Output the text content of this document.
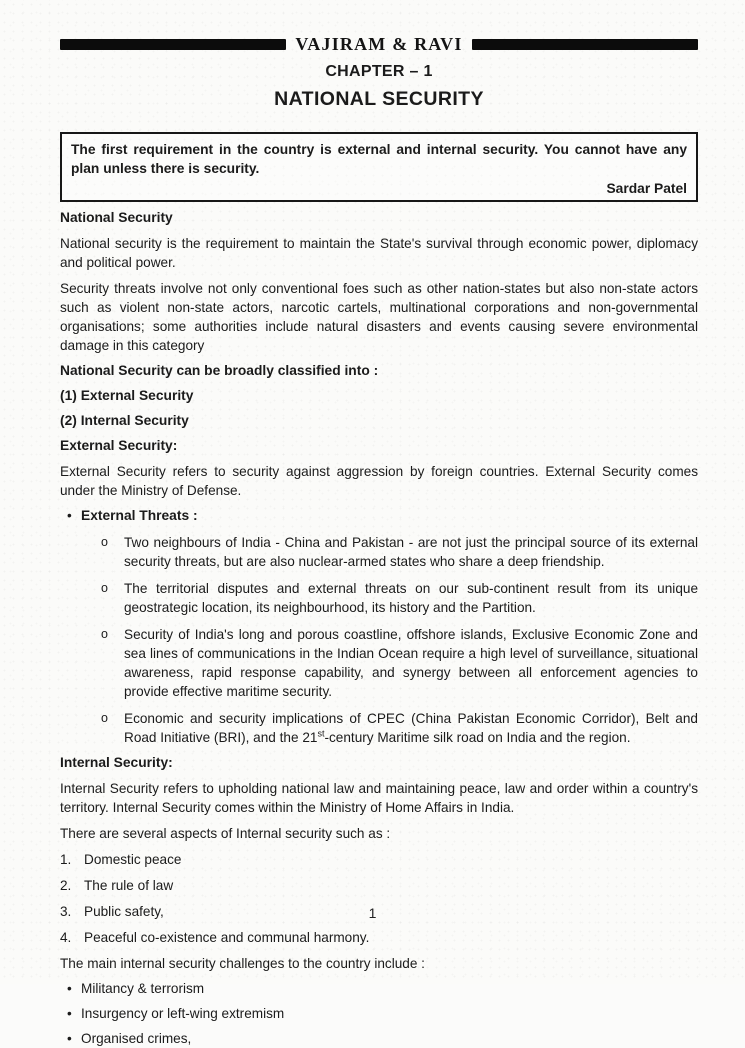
VAJIRAM & RAVI
CHAPTER – 1
NATIONAL SECURITY
The first requirement in the country is external and internal security. You cannot have any plan unless there is security.
Sardar Patel
National Security
National security is the requirement to maintain the State's survival through economic power, diplomacy and political power.
Security threats involve not only conventional foes such as other nation-states but also non-state actors such as violent non-state actors, narcotic cartels, multinational corporations and non-governmental organisations; some authorities include natural disasters and events causing severe environmental damage in this category
National Security can be broadly classified into :
(1) External Security
(2) Internal Security
External Security:
External Security refers to security against aggression by foreign countries. External Security comes under the Ministry of Defense.
• External Threats :
o	Two neighbours of India - China and Pakistan - are not just the principal source of its external security threats, but are also nuclear-armed states who share a deep friendship.
o	The territorial disputes and external threats on our sub-continent result from its unique geostrategic location, its neighbourhood, its history and the Partition.
o	Security of India's long and porous coastline, offshore islands, Exclusive Economic Zone and sea lines of communications in the Indian Ocean require a high level of surveillance, situational awareness, rapid response capability, and synergy between all enforcement agencies to provide effective maritime security.
o	Economic and security implications of CPEC (China Pakistan Economic Corridor), Belt and Road Initiative (BRI), and the 21st-century Maritime silk road on India and the region.
Internal Security:
Internal Security refers to upholding national law and maintaining peace, law and order within a country's territory. Internal Security comes within the Ministry of Home Affairs in India.
There are several aspects of Internal security such as :
1. Domestic peace
2. The rule of law
3. Public safety,
4. Peaceful co-existence and communal harmony.
The main internal security challenges to the country include :
• Militancy & terrorism
• Insurgency or left-wing extremism
• Organised crimes,
1
